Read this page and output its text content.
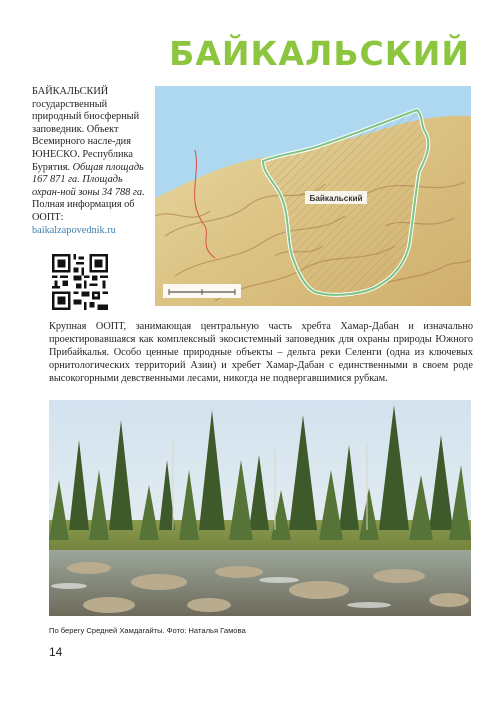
БАЙКАЛЬСКИЙ
БАЙКАЛЬСКИЙ государственный природный биосферный заповедник. Объект Всемирного насле-дия ЮНЕСКО. Республика Бурятия. Общая площадь 167 871 га. Площадь охран-ной зоны 34 788 га. Полная информация об ООПТ:
baikalzapovednik.ru
Байкальский
Крупная ООПТ, занимающая центральную часть хребта Хамар-Дабан и изначально проектировавшаяся как комплексный экосистемный заповедник для охраны природы Южного Прибайкалья. Особо ценные природные объекты – дельта реки Селенги (одна из ключевых орнитологических территорий Азии) и хребет Хамар-Дабан с единственными в своем роде высокогорными девственными лесами, никогда не подвергавшимися рубкам.
По берегу Средней Хамдагайты. Фото: Наталья Гамова
14
